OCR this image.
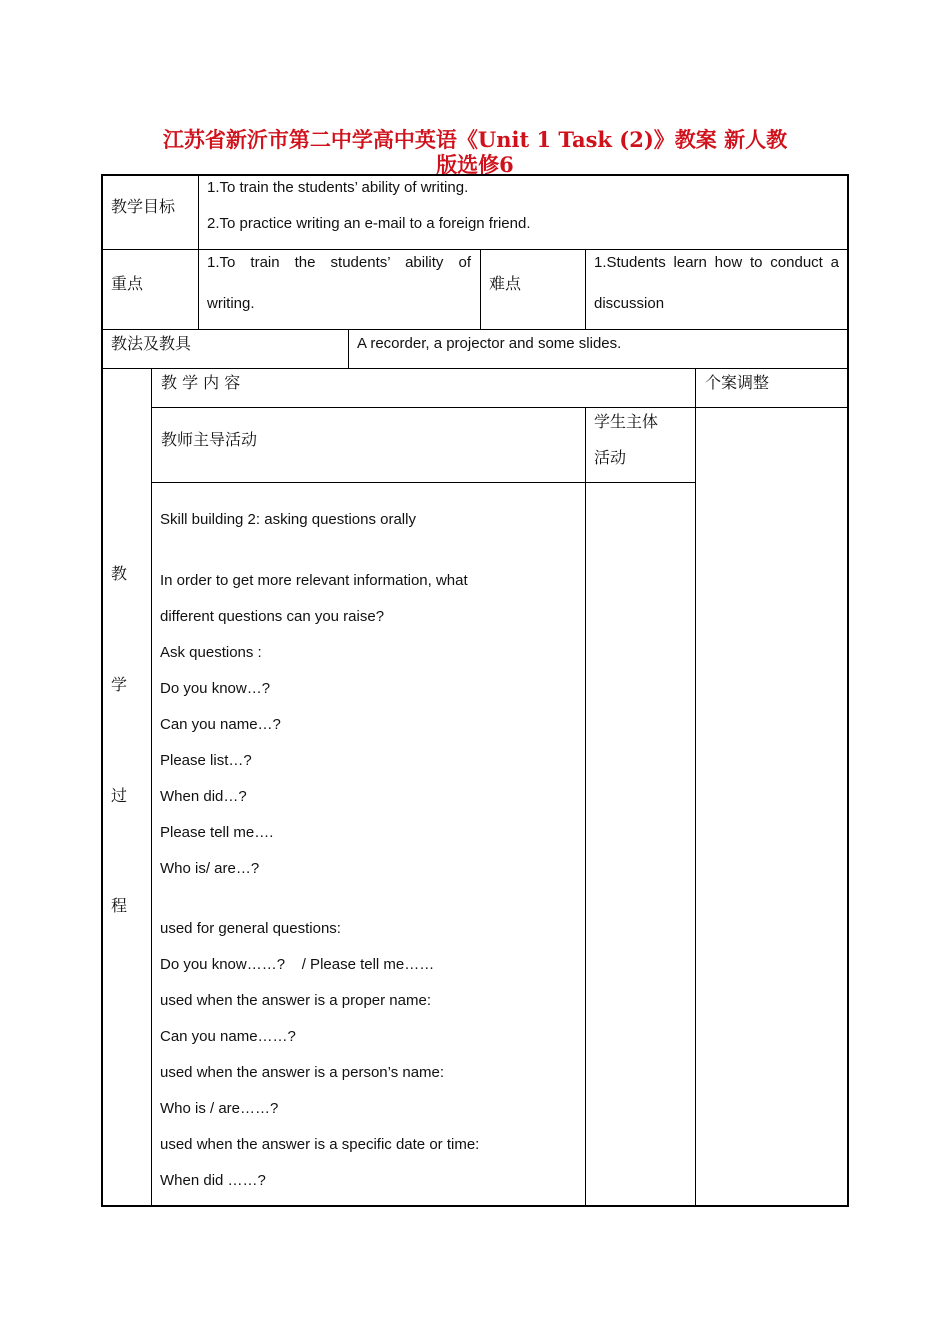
江苏省新沂市第二中学高中英语《Unit 1 Task (2)》教案 新人教
版选修6
教学目标
1.To train the students’ ability of writing.
2.To practice writing an e-mail to a foreign friend.
重点
1.To train the students’ ability of
writing.
难点
1.Students learn how to conduct a
discussion
教法及教具	A recorder, a projector and some slides.
教
学
过
程
教 学 内 容	个案调整
教师主导活动
学生主体
活动
Skill building 2: asking questions orally
In order to get more relevant information, what
different questions can you raise?
Ask questions :
Do you know…?
Can you name…?
Please list…?
When did…?
Please tell me….
Who is/ are…?
used for general questions:
Do you know……?    / Please tell me……
used when the answer is a proper name:
Can you name……?
used when the answer is a person’s name:
Who is / are……?
used when the answer is a specific date or time:
When did ……?
